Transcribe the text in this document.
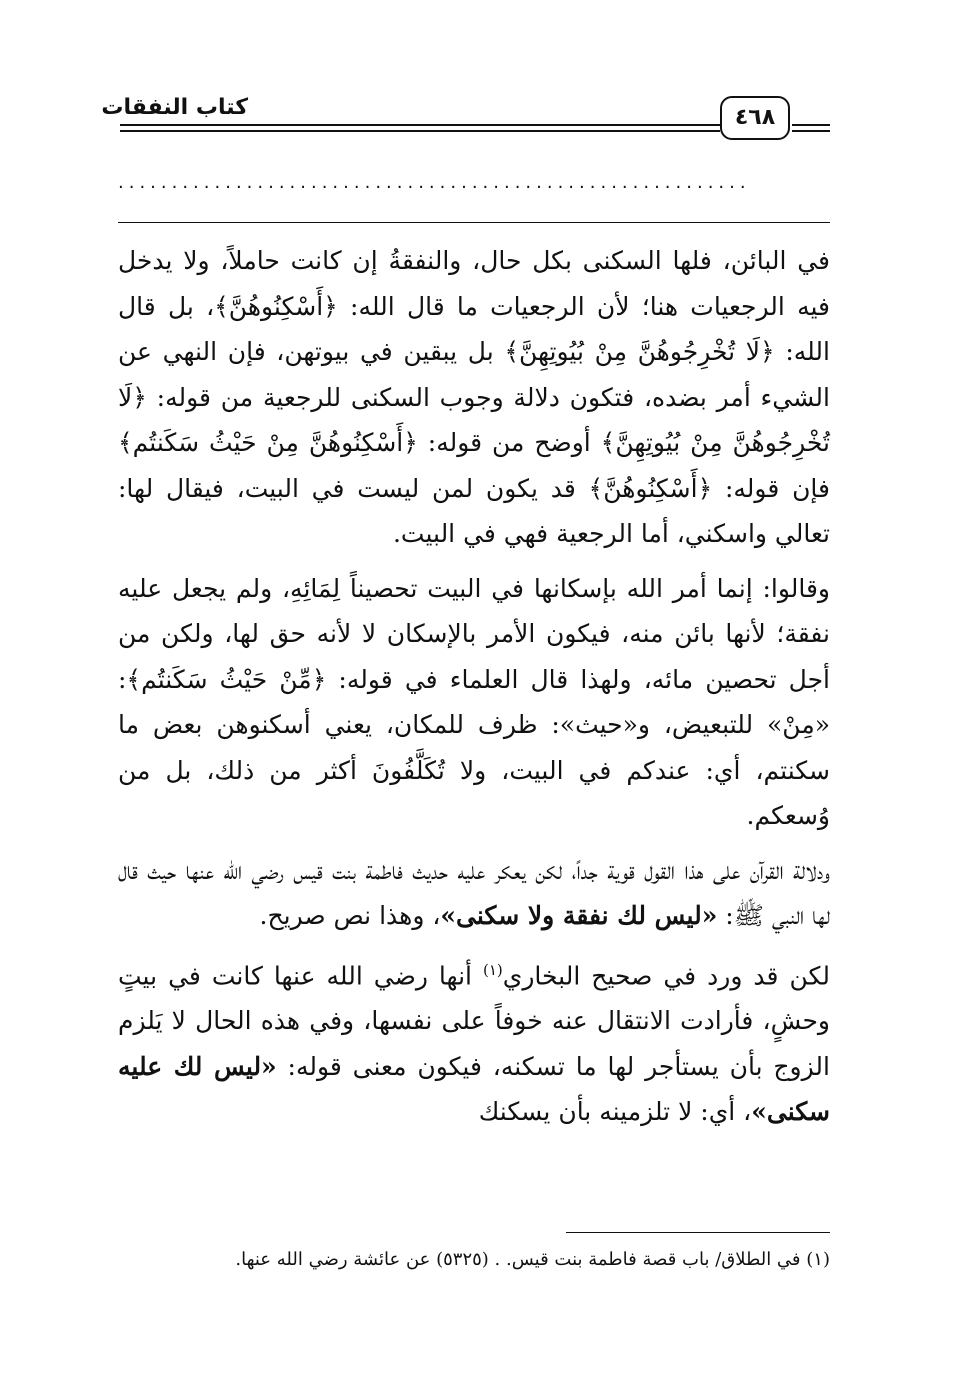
كتاب النفقات	٤٦٨
...........................................................

في البائن، فلها السكنى بكل حال، والنفقةُ إن كانت حاملاً، ولا يدخل فيه الرجعيات هنا؛ لأن الرجعيات ما قال الله: ﴿أَسْكِنُوهُنَّ﴾، بل قال الله: ﴿لَا تُخْرِجُوهُنَّ مِنْ بُيُوتِهِنَّ﴾ بل يبقين في بيوتهن، فإن النهي عن الشيء أمر بضده، فتكون دلالة وجوب السكنى للرجعية من قوله: ﴿لَا تُخْرِجُوهُنَّ مِنْ بُيُوتِهِنَّ﴾ أوضح من قوله: ﴿أَسْكِنُوهُنَّ مِنْ حَيْثُ سَكَنتُم﴾ فإن قوله: ﴿أَسْكِنُوهُنَّ﴾ قد يكون لمن ليست في البيت، فيقال لها: تعالي واسكني، أما الرجعية فهي في البيت.

وقالوا: إنما أمر الله بإسكانها في البيت تحصيناً لِمَائِهِ، ولم يجعل عليه نفقة؛ لأنها بائن منه، فيكون الأمر بالإسكان لا لأنه حق لها، ولكن من أجل تحصين مائه، ولهذا قال العلماء في قوله: ﴿مِّنْ حَيْثُ سَكَنتُم﴾: «مِنْ» للتبعيض، و«حيث»: ظرف للمكان، يعني أسكنوهن بعض ما سكنتم، أي: عندكم في البيت، ولا تُكَلَّفُونَ أكثر من ذلك، بل من وُسعكم.

ودلالة القرآن على هذا القول قوية جداً، لكن يعكر عليه حديث فاطمة بنت قيس رضي الله عنها حيث قال لها النبي ﷺ: «ليس لك نفقة ولا سكنى»، وهذا نص صريح.

لكن قد ورد في صحيح البخاري$^{(١)}$ أنها رضي الله عنها كانت في بيتٍ وحشٍ، فأرادت الانتقال عنه خوفاً على نفسها، وفي هذه الحال لا يَلزم الزوج بأن يستأجر لها ما تسكنه، فيكون معنى قوله: «ليس لك عليه سكنى»، أي: لا تلزمينه بأن يسكنك

(١) في الطلاق/ باب قصة فاطمة بنت قيس. . (٥٣٢٥) عن عائشة رضي الله عنها.
